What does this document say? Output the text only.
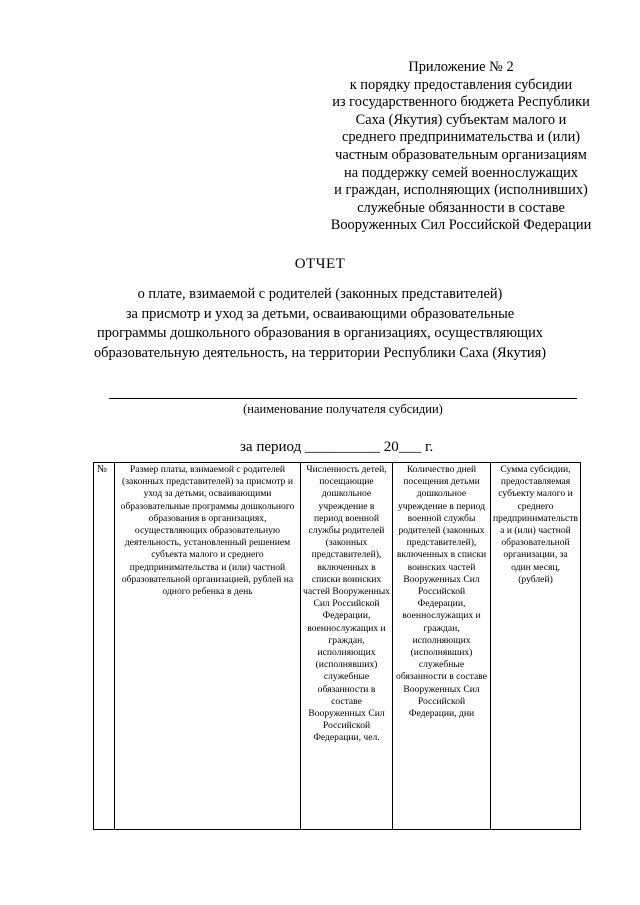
Приложение № 2
к порядку предоставления субсидии
из государственного бюджета Республики
Саха (Якутия) субъектам малого и
среднего предпринимательства и (или)
частным образовательным организациям
на поддержку семей военнослужащих
и граждан, исполняющих (исполнивших)
служебные обязанности в составе
Вооруженных Сил Российской Федерации
ОТЧЕТ
о плате, взимаемой с родителей (законных представителей)
за присмотр и уход за детьми, осваивающими образовательные
программы дошкольного образования в организациях, осуществляющих
образовательную деятельность, на территории Республики Саха (Якутия)
(наименование получателя субсидии)
за период __________ 20___ г.
№	Размер платы, взимаемой с родителей (законных представителей) за присмотр и уход за детьми, осваивающими образовательные программы дошкольного образования в организациях, осуществляющих образовательную деятельность, установленный решением субъекта малого и среднего предпринимательства и (или) частной образовательной организацией, рублей на одного ребенка в день	Численность детей, посещающие дошкольное учреждение в период военной службы родителей (законных представителей), включенных в списки воинских частей Вооруженных Сил Российской Федерации, военнослужащих и граждан, исполняющих (исполнявших) служебные обязанности в составе Вооруженных Сил Российской Федерации, чел.	Количество дней посещения детьми дошкольное учреждение в период военной службы родителей (законных представителей), включенных в списки воинских частей Вооруженных Сил Российской Федерации, военнослужащих и граждан, исполняющих (исполнявших) служебные обязанности в составе Вооруженных Сил Российской Федерации, дни	Сумма субсидии, предоставляемая субъекту малого и среднего предпринимательства и (или) частной образовательной организации, за один месяц, (рублей)
